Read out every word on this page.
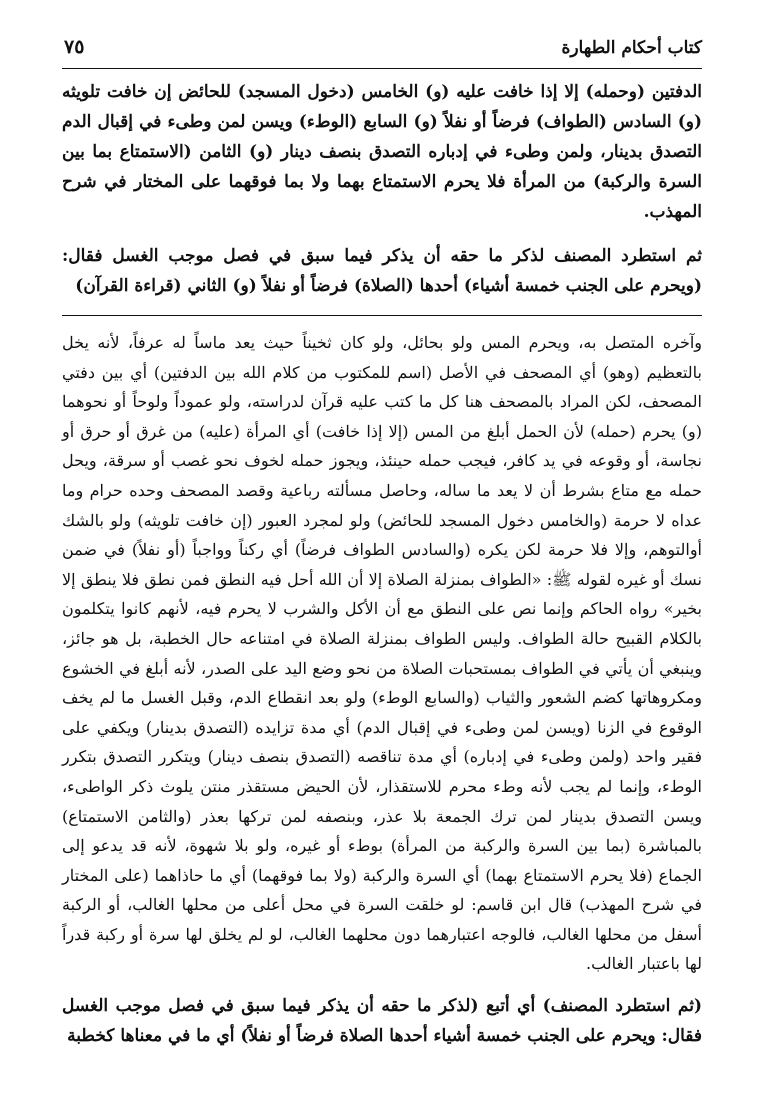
كتاب أحكام الطهارة
٧٥

الدفتين (وحمله) إلا إذا خافت عليه (و) الخامس (دخول المسجد) للحائض إن خافت تلويثه (و) السادس (الطواف) فرضاً أو نفلاً (و) السابع (الوطء) ويسن لمن وطىء في إقبال الدم التصدق بدينار، ولمن وطىء في إدباره التصدق بنصف دينار (و) الثامن (الاستمتاع بما بين السرة والركبة) من المرأة فلا يحرم الاستمتاع بهما ولا بما فوقهما على المختار في شرح المهذب.

ثم استطرد المصنف لذكر ما حقه أن يذكر فيما سبق في فصل موجب الغسل فقال: (ويحرم على الجنب خمسة أشياء) أحدها (الصلاة) فرضاً أو نفلاً (و) الثاني (قراءة القرآن)

وآخره المتصل به، ويحرم المس ولو بحائل، ولو كان ثخيناً حيث يعد ماساً له عرفاً، لأنه يخل بالتعظيم (وهو) أي المصحف في الأصل (اسم للمكتوب من كلام الله بين الدفتين) أي بين دفتي المصحف، لكن المراد بالمصحف هنا كل ما كتب عليه قرآن لدراسته، ولو عموداً ولوحاً أو نحوهما (و) يحرم (حمله) لأن الحمل أبلغ من المس (إلا إذا خافت) أي المرأة (عليه) من غرق أو حرق أو نجاسة، أو وقوعه في يد كافر، فيجب حمله حينئذ، ويجوز حمله لخوف نحو غصب أو سرقة، ويحل حمله مع متاع بشرط أن لا يعد ما ساله، وحاصل مسألته رباعية وقصد المصحف وحده حرام وما عداه لا حرمة (والخامس دخول المسجد للحائض) ولو لمجرد العبور (إن خافت تلويثه) ولو بالشك أوالتوهم، وإلا فلا حرمة لكن يكره (والسادس الطواف فرضاً) أي ركناً وواجباً (أو نفلاً) في ضمن نسك أو غيره لقوله ﷺ: «الطواف بمنزلة الصلاة إلا أن الله أحل فيه النطق فمن نطق فلا ينطق إلا بخير» رواه الحاكم وإنما نص على النطق مع أن الأكل والشرب لا يحرم فيه، لأنهم كانوا يتكلمون بالكلام القبيح حالة الطواف. وليس الطواف بمنزلة الصلاة في امتناعه حال الخطبة، بل هو جائز، وينبغي أن يأتي في الطواف بمستحبات الصلاة من نحو وضع اليد على الصدر، لأنه أبلغ في الخشوع ومكروهاتها كضم الشعور والثياب (والسابع الوطء) ولو بعد انقطاع الدم، وقبل الغسل ما لم يخف الوقوع في الزنا (ويسن لمن وطىء في إقبال الدم) أي مدة تزايده (التصدق بدينار) ويكفي على فقير واحد (ولمن وطىء في إدباره) أي مدة تناقصه (التصدق بنصف دينار) ويتكرر التصدق بتكرر الوطء، وإنما لم يجب لأنه وطء محرم للاستقذار، لأن الحيض مستقذر منتن يلوث ذكر الواطىء، ويسن التصدق بدينار لمن ترك الجمعة بلا عذر، وبنصفه لمن تركها بعذر (والثامن الاستمتاع) بالمباشرة (بما بين السرة والركبة من المرأة) بوطء أو غيره، ولو بلا شهوة، لأنه قد يدعو إلى الجماع (فلا يحرم الاستمتاع بهما) أي السرة والركبة (ولا بما فوقهما) أي ما حاذاهما (على المختار في شرح المهذب) قال ابن قاسم: لو خلقت السرة في محل أعلى من محلها الغالب، أو الركبة أسفل من محلها الغالب، فالوجه اعتبارهما دون محلهما الغالب، لو لم يخلق لها سرة أو ركبة قدراً لها باعتبار الغالب.

(ثم استطرد المصنف) أي أتبع (لذكر ما حقه أن يذكر فيما سبق في فصل موجب الغسل فقال: ويحرم على الجنب خمسة أشياء أحدها الصلاة فرضاً أو نفلاً) أي ما في معناها كخطبة
